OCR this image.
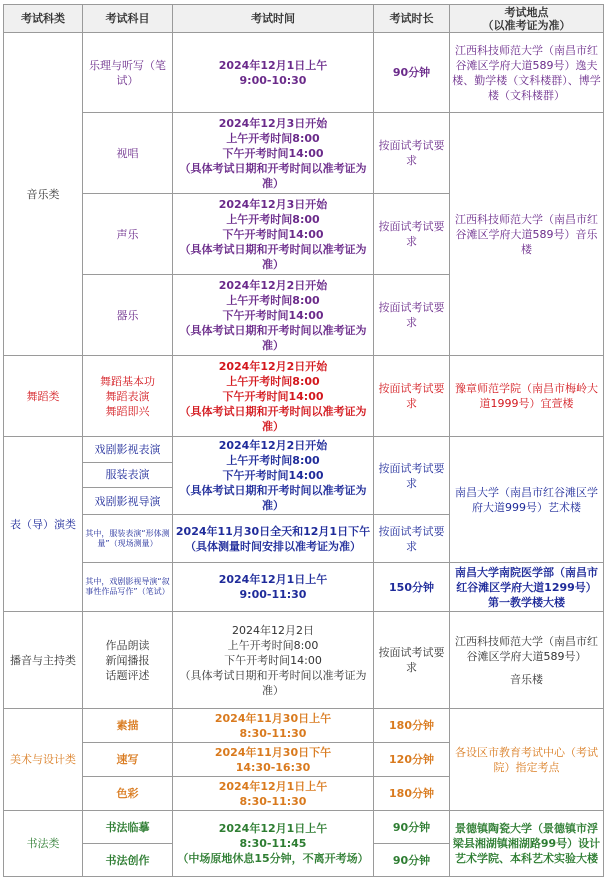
考试科类	考试科目	考试时间	考试时长	考试地点
（以准考证为准）

音乐类	乐理与听写（笔试）	2024年12月1日上午
9:00-10:30	90分钟	江西科技师范大学（南昌市红谷滩区学府大道589号）逸夫楼、勤学楼（文科楼群）、博学楼（文科楼群）
	视唱	2024年12月3日开始
上午开考时间8:00
下午开考时间14:00
（具体考试日期和开考时间以准考证为准）	按面试考试要求	江西科技师范大学（南昌市红谷滩区学府大道589号）音乐楼
	声乐	2024年12月3日开始
上午开考时间8:00
下午开考时间14:00
（具体考试日期和开考时间以准考证为准）	按面试考试要求	
	器乐	2024年12月2日开始
上午开考时间8:00
下午开考时间14:00
（具体考试日期和开考时间以准考证为准）	按面试考试要求	
舞蹈类	舞蹈基本功
舞蹈表演
舞蹈即兴	2024年12月2日开始
上午开考时间8:00
下午开考时间14:00
（具体考试日期和开考时间以准考证为准）	按面试考试要求	豫章师范学院（南昌市梅岭大道1999号）宜萱楼
表（导）演类	戏剧影视表演	2024年12月2日开始
上午开考时间8:00
下午开考时间14:00
（具体考试日期和开考时间以准考证为准）	按面试考试要求	南昌大学（南昌市红谷滩区学府大道999号）艺术楼
	服装表演			
	戏剧影视导演			
	其中，服装表演“形体测量”（现场测量）	2024年11月30日全天和12月1日下午
（具体测量时间安排以准考证为准）	按面试考试要求	
	其中，戏剧影视导演“叙事性作品写作”（笔试）	2024年12月1日上午
9:00-11:30	150分钟	南昌大学南院医学部（南昌市红谷滩区学府大道1299号）第一教学楼大楼
播音与主持类	作品朗读
新闻播报
话题评述	2024年12月2日
上午开考时间8:00
下午开考时间14:00
（具体考试日期和开考时间以准考证为准）	按面试考试要求	江西科技师范大学（南昌市红谷滩区学府大道589号）
音乐楼

美术与设计类	素描	2024年11月30日上午
8:30-11:30	180分钟	各设区市教育考试中心（考试院）指定考点
	速写	2024年11月30日下午
14:30-16:30	120分钟	
	色彩	2024年12月1日上午
8:30-11:30	180分钟	
书法类	书法临摹	2024年12月1日上午
8:30-11:45
（中场原地休息15分钟，不离开考场）	90分钟	景德镇陶瓷大学（景德镇市浮梁县湘湖镇湘湖路99号）设计艺术学院、本科艺术实验大楼
	书法创作		90分钟	
